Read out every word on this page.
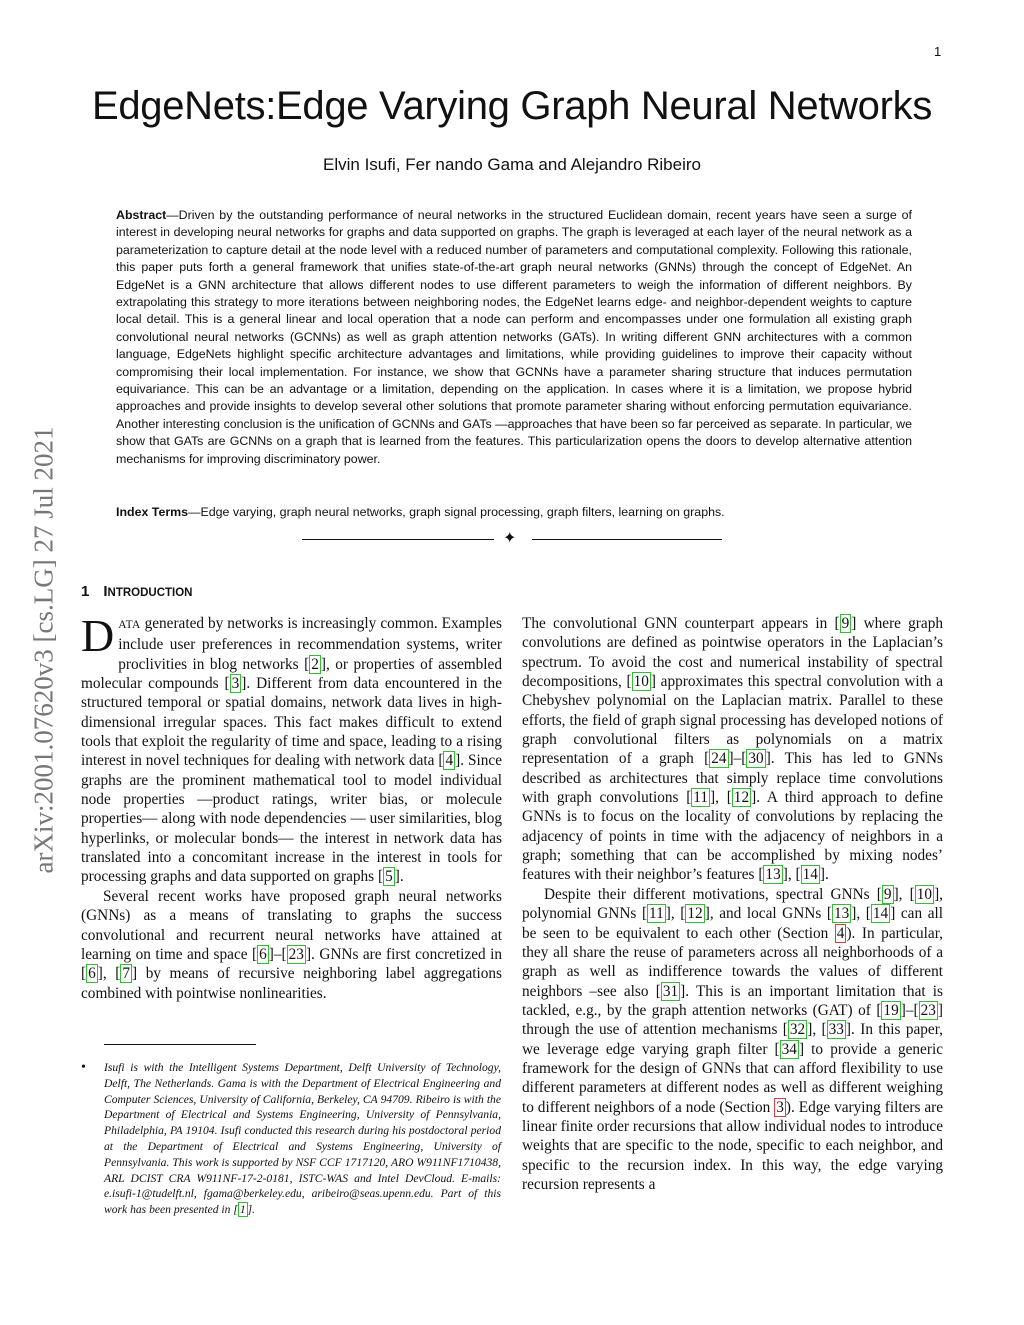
1
EdgeNets:Edge Varying Graph Neural Networks
Elvin Isufi, Fer nando Gama and Alejandro Ribeiro
Abstract—Driven by the outstanding performance of neural networks in the structured Euclidean domain, recent years have seen a surge of interest in developing neural networks for graphs and data supported on graphs. The graph is leveraged at each layer of the neural network as a parameterization to capture detail at the node level with a reduced number of parameters and computational complexity. Following this rationale, this paper puts forth a general framework that unifies state-of-the-art graph neural networks (GNNs) through the concept of EdgeNet. An EdgeNet is a GNN architecture that allows different nodes to use different parameters to weigh the information of different neighbors. By extrapolating this strategy to more iterations between neighboring nodes, the EdgeNet learns edge- and neighbor-dependent weights to capture local detail. This is a general linear and local operation that a node can perform and encompasses under one formulation all existing graph convolutional neural networks (GCNNs) as well as graph attention networks (GATs). In writing different GNN architectures with a common language, EdgeNets highlight specific architecture advantages and limitations, while providing guidelines to improve their capacity without compromising their local implementation. For instance, we show that GCNNs have a parameter sharing structure that induces permutation equivariance. This can be an advantage or a limitation, depending on the application. In cases where it is a limitation, we propose hybrid approaches and provide insights to develop several other solutions that promote parameter sharing without enforcing permutation equivariance. Another interesting conclusion is the unification of GCNNs and GATs —approaches that have been so far perceived as separate. In particular, we show that GATs are GCNNs on a graph that is learned from the features. This particularization opens the doors to develop alternative attention mechanisms for improving discriminatory power.
Index Terms—Edge varying, graph neural networks, graph signal processing, graph filters, learning on graphs.
✦
arXiv:2001.07620v3 [cs.LG] 27 Jul 2021 1 INTRODUCTION

DATA generated by networks is increasingly common. Examples include user preferences in recommendation systems, writer proclivities in blog networks [ 2 ], or properties of assembled molecular compounds [ 3 ]. Different from data encountered in the structured temporal or spatial domains, network data lives in high-dimensional irregular spaces. This fact makes difficult to extend tools that exploit the regularity of time and space, leading to a rising interest in novel techniques for dealing with network data [ 4 ]. Since graphs are the prominent mathematical tool to model individual node properties —product ratings, writer bias, or molecule properties— along with node dependencies — user similarities, blog hyperlinks, or molecular bonds— the interest in network data has translated into a concomitant increase in the interest in tools for processing graphs and data supported on graphs [ 5 ].

Several recent works have proposed graph neural networks (GNNs) as a means of translating to graphs the success convolutional and recurrent neural networks have attained at learning on time and space [ 6 ]–[ 23 ]. GNNs are first concretized in [ 6 ], [ 7 ] by means of recursive neighboring label aggregations combined with pointwise nonlinearities.

• Isufi is with the Intelligent Systems Department, Delft University of Technology, Delft, The Netherlands. Gama is with the Department of Electrical Engineering and Computer Sciences, University of California, Berkeley, CA 94709. Ribeiro is with the Department of Electrical and Systems Engineering, University of Pennsylvania, Philadelphia, PA 19104. Isufi conducted this research during his postdoctoral period at the Department of Electrical and Systems Engineering, University of Pennsylvania. This work is supported by NSF CCF 1717120, ARO W911NF1710438, ARL DCIST CRA W911NF-17-2-0181, ISTC-WAS and Intel DevCloud. E-mails: e.isufi-1@tudelft.nl, fgama@berkeley.edu, aribeiro@seas.upenn.edu. Part of this work has been presented in [ 1 ].

The convolutional GNN counterpart appears in [ 9 ] where graph convolutions are defined as pointwise operators in the Laplacian’s spectrum. To avoid the cost and numerical instability of spectral decompositions, [ 10 ] approximates this spectral convolution with a Chebyshev polynomial on the Laplacian matrix. Parallel to these efforts, the field of graph signal processing has developed notions of graph convolutional filters as polynomials on a matrix representation of a graph [ 24 ]–[ 30 ]. This has led to GNNs described as architectures that simply replace time convolutions with graph convolutions [ 11 ], [ 12 ]. A third approach to define GNNs is to focus on the locality of convolutions by replacing the adjacency of points in time with the adjacency of neighbors in a graph; something that can be accomplished by mixing nodes’ features with their neighbor’s features [ 13 ], [ 14 ].

Despite their different motivations, spectral GNNs [ 9 ], [ 10 ], polynomial GNNs [ 11 ], [ 12 ], and local GNNs [ 13 ], [ 14 ] can all be seen to be equivalent to each other (Section 4 ). In particular, they all share the reuse of parameters across all neighborhoods of a graph as well as indifference towards the values of different neighbors –see also [ 31 ]. This is an important limitation that is tackled, e.g., by the graph attention networks (GAT) of [ 19 ]–[ 23 ] through the use of attention mechanisms [ 32 ], [ 33 ]. In this paper, we leverage edge varying graph filter [ 34 ] to provide a generic framework for the design of GNNs that can afford flexibility to use different parameters at different nodes as well as different weighing to different neighbors of a node (Section 3 ). Edge varying filters are linear finite order recursions that allow individual nodes to introduce weights that are specific to the node, specific to each neighbor, and specific to the recursion index. In this way, the edge varying recursion represents a
